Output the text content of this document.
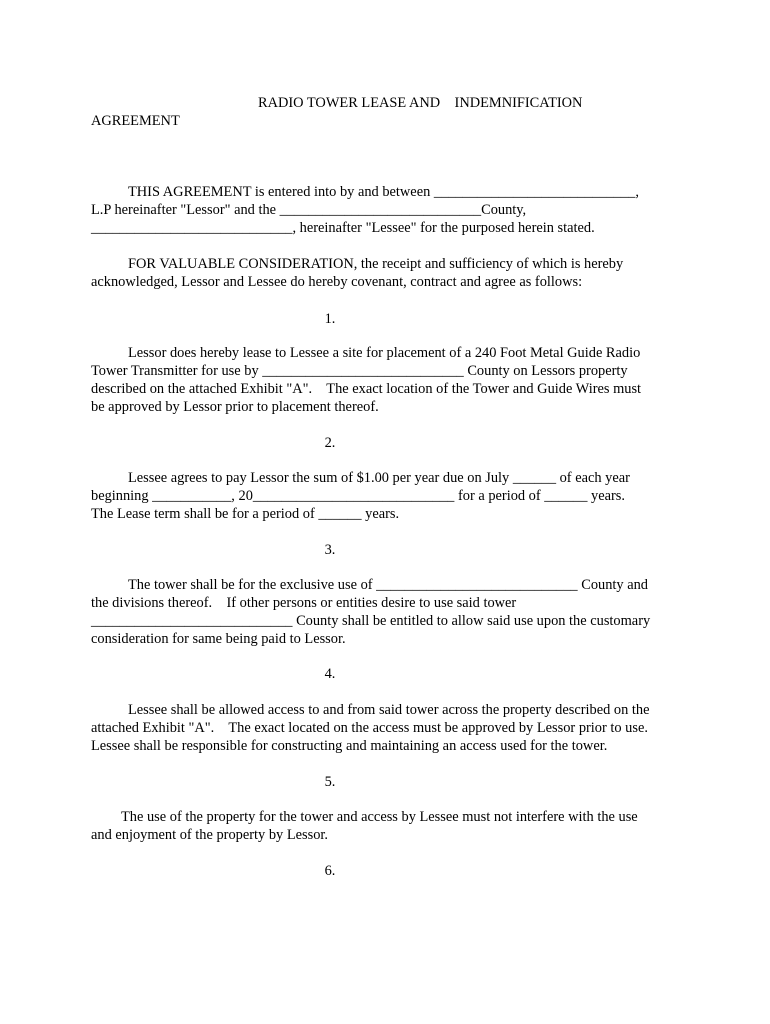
RADIO TOWER LEASE AND    INDEMNIFICATION
AGREEMENT
THIS AGREEMENT is entered into by and between ____________________________,
L.P hereinafter "Lessor" and the ____________________________County,
____________________________, hereinafter "Lessee" for the purposed herein stated.
FOR VALUABLE CONSIDERATION, the receipt and sufficiency of which is hereby
acknowledged, Lessor and Lessee do hereby covenant, contract and agree as follows:
1.
Lessor does hereby lease to Lessee a site for placement of a 240 Foot Metal Guide Radio
Tower Transmitter for use by ____________________________ County on Lessors property
described on the attached Exhibit "A".    The exact location of the Tower and Guide Wires must
be approved by Lessor prior to placement thereof.
2.
Lessee agrees to pay Lessor the sum of $1.00 per year due on July ______ of each year
beginning ___________, 20____________________________ for a period of ______ years.
The Lease term shall be for a period of ______ years.
3.
The tower shall be for the exclusive use of ____________________________ County and
the divisions thereof.    If other persons or entities desire to use said tower
____________________________ County shall be entitled to allow said use upon the customary
consideration for same being paid to Lessor.
4.
Lessee shall be allowed access to and from said tower across the property described on the
attached Exhibit "A".    The exact located on the access must be approved by Lessor prior to use.
Lessee shall be responsible for constructing and maintaining an access used for the tower.
5.
The use of the property for the tower and access by Lessee must not interfere with the use
and enjoyment of the property by Lessor.
6.
